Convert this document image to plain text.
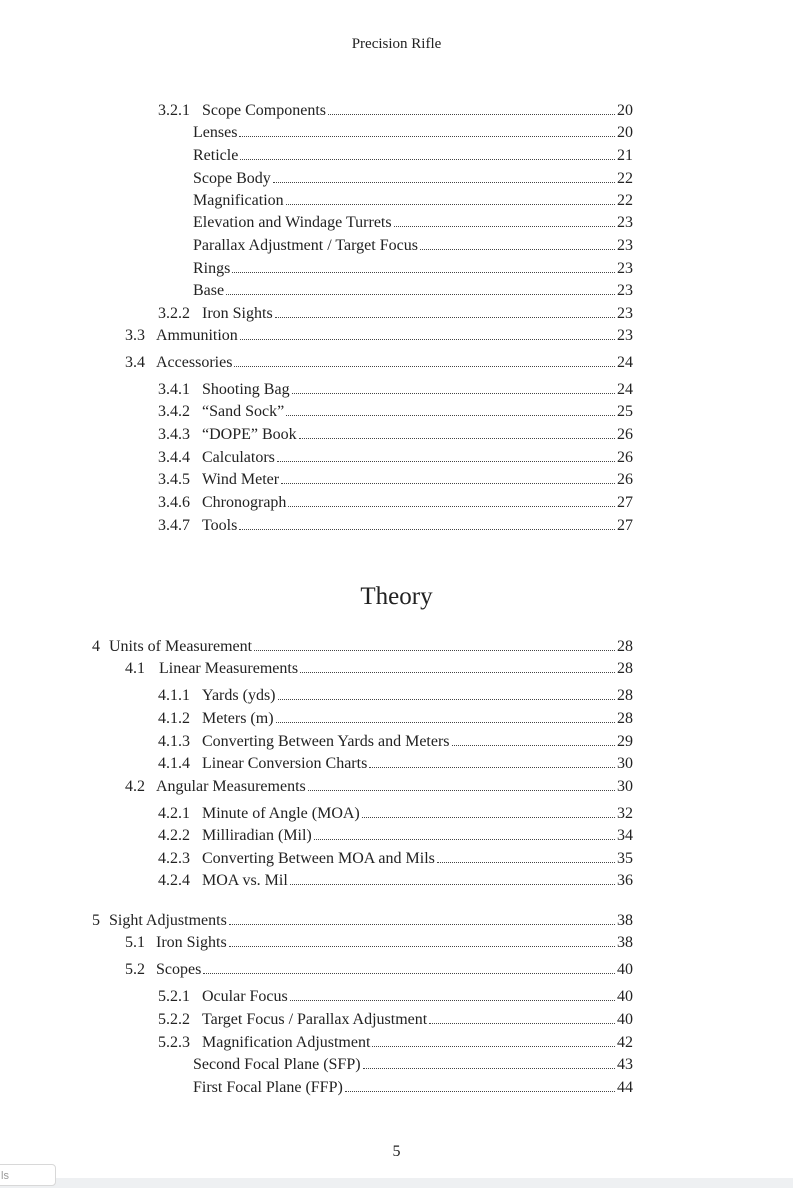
Precision Rifle
3.2.1 Scope Components	20
Lenses	20
Reticle	21
Scope Body	22
Magnification	22
Elevation and Windage Turrets	23
Parallax Adjustment / Target Focus	23
Rings	23
Base	23
3.2.2 Iron Sights	23
3.3 Ammunition	23
3.4 Accessories	24
3.4.1 Shooting Bag	24
3.4.2 “Sand Sock”	25
3.4.3 “DOPE” Book	26
3.4.4 Calculators	26
3.4.5 Wind Meter	26
3.4.6 Chronograph	27
3.4.7 Tools	27
Theory
4 Units of Measurement	28
4.1 Linear Measurements	28
4.1.1 Yards (yds)	28
4.1.2 Meters (m)	28
4.1.3 Converting Between Yards and Meters	29
4.1.4 Linear Conversion Charts	30
4.2 Angular Measurements	30
4.2.1 Minute of Angle (MOA)	32
4.2.2 Milliradian (Mil)	34
4.2.3 Converting Between MOA and Mils	35
4.2.4 MOA vs. Mil	36
5 Sight Adjustments	38
5.1 Iron Sights	38
5.2 Scopes	40
5.2.1 Ocular Focus	40
5.2.2 Target Focus / Parallax Adjustment	40
5.2.3 Magnification Adjustment	42
Second Focal Plane (SFP)	43
First Focal Plane (FFP)	44
5
ls
